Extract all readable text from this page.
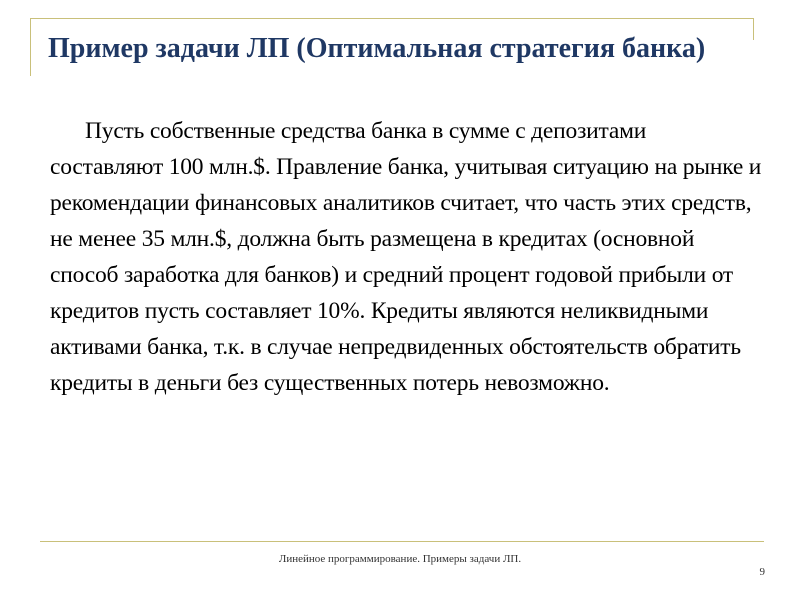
Пример задачи ЛП (Оптимальная стратегия банка)

Пусть собственные средства банка в сумме с депозитами составляют 100 млн.$. Правление банка, учитывая ситуацию на рынке и рекомендации финансовых аналитиков считает, что часть этих средств, не менее 35 млн.$, должна быть размещена в кредитах (основной способ заработка для банков) и средний процент годовой прибыли от кредитов пусть составляет 10%. Кредиты являются неликвидными активами банка, т.к. в случае непредвиденных обстоятельств обратить кредиты в деньги без существенных потерь невозможно.

Линейное программирование. Примеры задачи ЛП.
9
